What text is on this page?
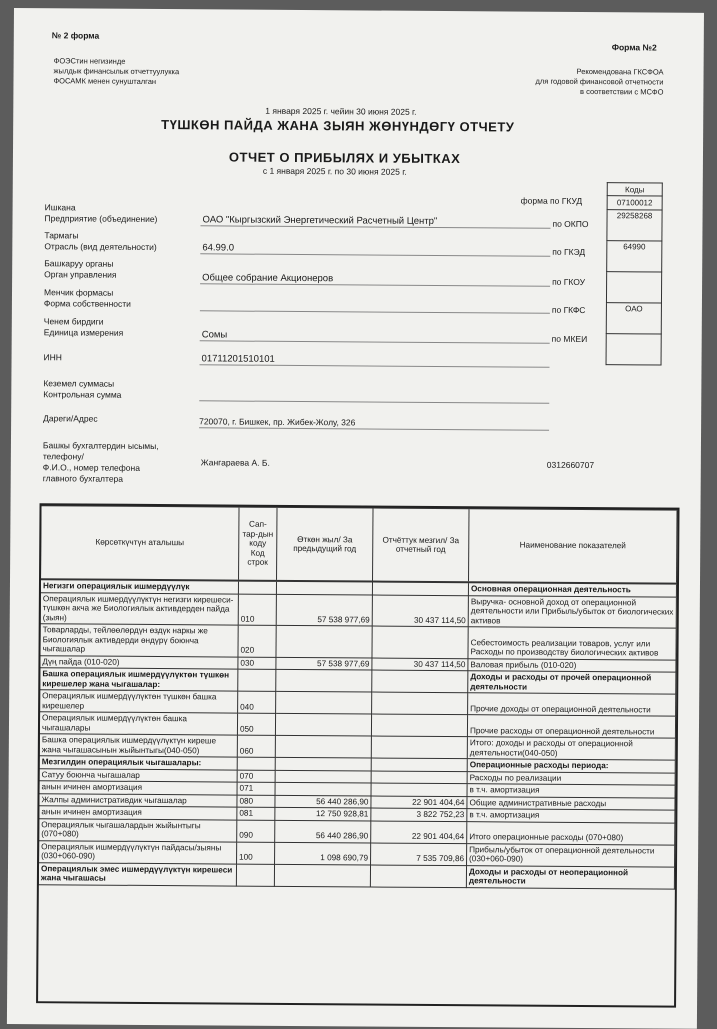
№ 2 форма
Форма №2
ФОЭСтин негизинде
жылдык финансылык отчеттуулукка
ФОСАМК менен сунушталган
Рекомендована ГКСФОА
для годовой финансовой отчетности
в соответствии с МСФО
1 января 2025 г. чейин 30 июня 2025 г.
ТҮШКӨН ПАЙДА ЖАНА ЗЫЯН ЖӨНҮНДӨГҮ ОТЧЕТУ
ОТЧЕТ О ПРИБЫЛЯХ И УБЫТКАХ
с 1 января 2025 г. по 30 июня 2025 г.
Коды
07100012
29258268
64990

ОАО

форма по ГКУД
Ишкана
Предприятие (объединение)	ОАО "Кыргызский Энергетический Расчетный Центр"	по ОКПО
Тармагы
Отрасль (вид деятельности)	64.99.0	по ГКЭД
Башкаруу органы
Орган управления	Общее собрание Акционеров	по ГКОУ
Менчик формасы
Форма собственности
по ГКФС
Ченем бирдиги
Единица измерения	Сомы	по МКЕИ
ИНН	01711201510101
Кеземел суммасы
Контрольная сумма
Дареги/Адрес	720070, г. Бишкек, пр. Жибек-Жолу, 326
Башкы бухгалтердин ысымы,
телефону/
Ф.И.О., номер телефона
главного бухгалтера
Жангараева А. Б.	0312660707
Көрсөткүчтүн аталышы	Сап-тар-дын коду Код строк	Өткөн жыл/ За предыдущий год	Отчёттук мезгил/ За отчетный год	Наименование показателей
Негизги операциялык ишмердүүлүк				Основная операционная деятельность
Операциялык ишмердүүлүктүн негизги кирешеси- түшкөн акча же Биологиялык активдерден пайда (зыян)	010	57 538 977,69	30 437 114,50	Выручка- основной доход от операционной деятельности или Прибыль/убыток от биологических активов
Товарларды, тейлөөлөрдүн өздүк наркы же Биологиялык активдерди өндүрү боюнча чыгашалар	020			Себестоимость реализации товаров, услуг или Расходы по производству биологических активов
Дүң пайда (010-020)	030	57 538 977,69	30 437 114,50	Валовая прибыль (010-020)
Башка операциялык ишмердүүлүктөн түшкөн кирешелер жана чыгашалар:				Доходы и расходы от прочей операционной деятельности
Операциялык ишмердүүлүктөн түшкөн башка кирешелер	040			Прочие доходы от операционной деятельности
Операциялык ишмердүүлүктөн башка чыгашалары	050			Прочие расходы от операционной деятельности
Башка операциялык ишмердүүлүктүн киреше жана чыгашасынын жыйынтыгы(040-050)	060			Итого: доходы и расходы от операционной деятельности(040-050)
Мезгилдин операциялык чыгашалары:				Операционные расходы периода:
Сатуу боюнча чыгашалар	070			Расходы по реализации
анын ичинен амортизация	071			в т.ч. амортизация
Жалпы административдик чыгашалар	080	56 440 286,90	22 901 404,64	Общие административные расходы
анын ичинен амортизация	081	12 750 928,81	3 822 752,23	в т.ч. амортизация
Операциялык чыгашалардын жыйынтыгы (070+080)	090	56 440 286,90	22 901 404,64	Итого операционные расходы (070+080)
Операциялык ишмердүүлүктүн пайдасы/зыяны (030+060-090)	100	1 098 690,79	7 535 709,86	Прибыль/убыток от операционной деятельности (030+060-090)
Операциялык эмес ишмердүүлүктүн кирешеси жана чыгашасы				Доходы и расходы от неоперационной деятельности
